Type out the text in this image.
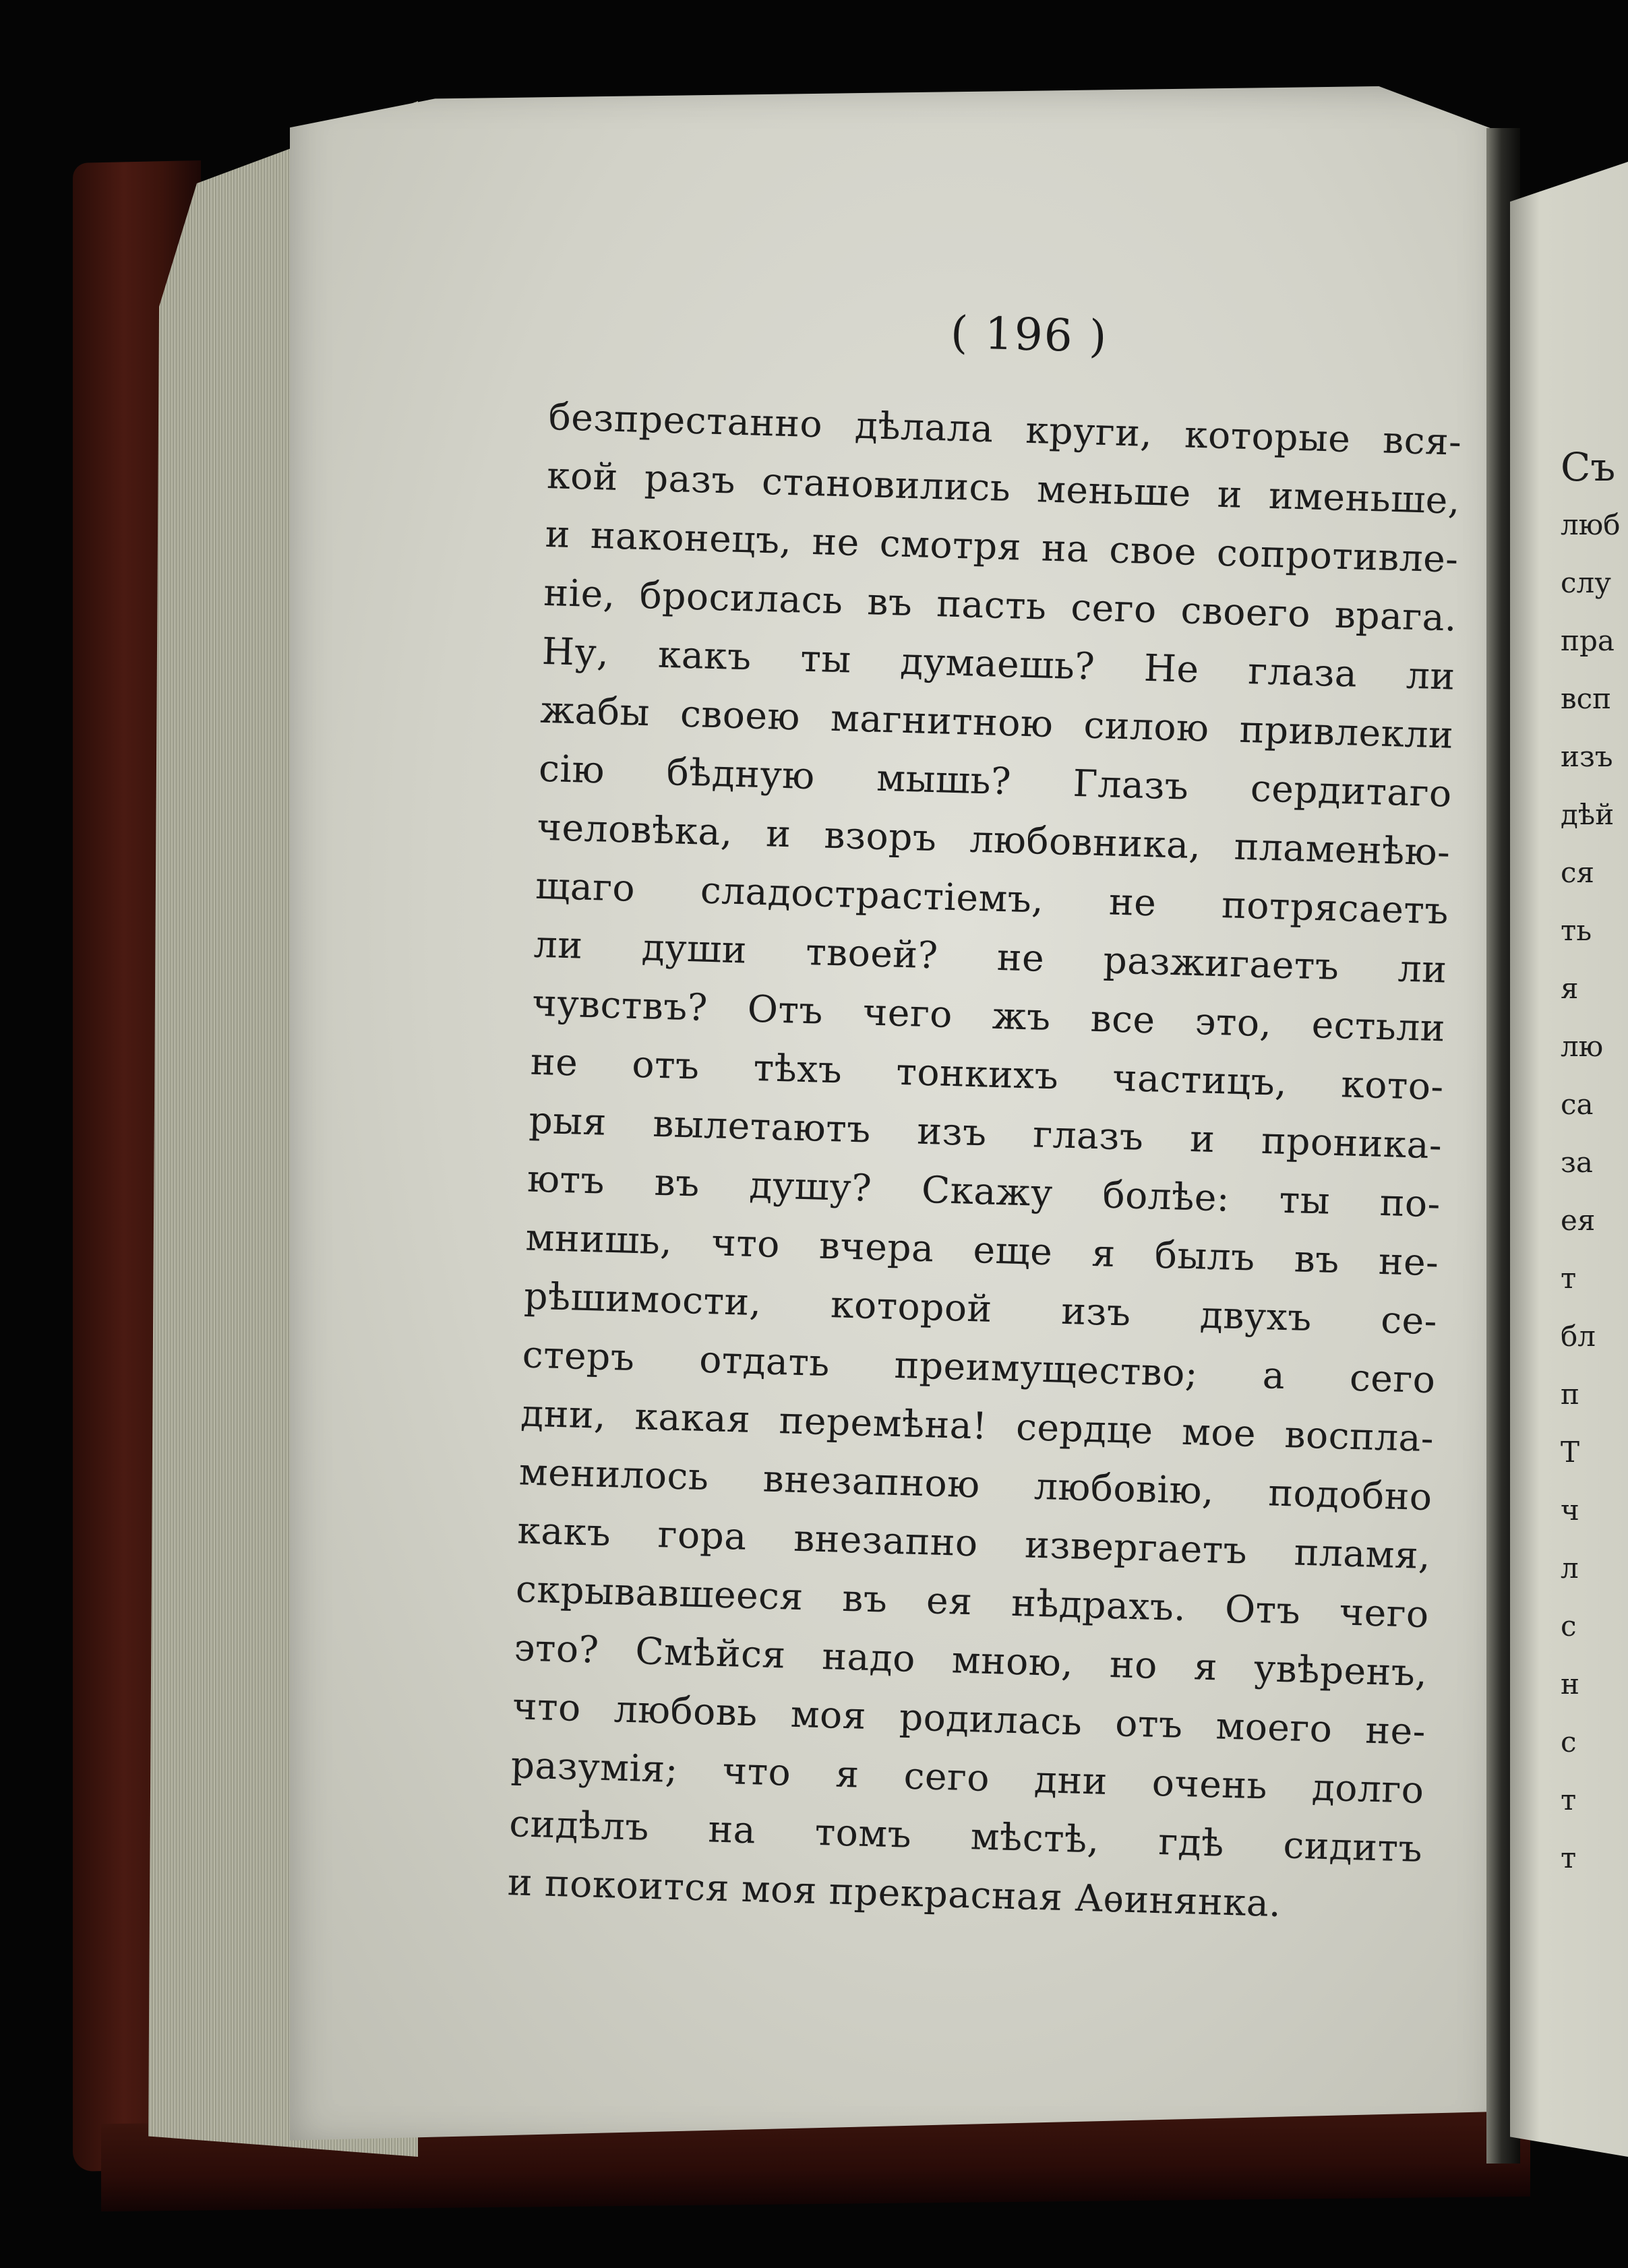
( 196 )
безпрестанно дѣлала круги, которые вся-
кой разъ становились меньше и именьше,
и наконецъ, не смотря на свое сопротивле-
ніе, бросилась въ пасть сего своего врага.
Ну, какъ ты думаешь? Не глаза ли
жабы своею магнитною силою привлекли
сію бѣдную мышь? Глазъ сердитаго
человѣка, и взоръ любовника, пламенѣю-
щаго сладострастіемъ, не потрясаетъ
ли души твоей? не разжигаетъ ли
чувствъ? Отъ чего жъ все это, естьли
не отъ тѣхъ тонкихъ частицъ, кото-
рыя вылетаютъ изъ глазъ и проника-
ютъ въ душу? Скажу болѣе: ты по-
мнишь, что вчера еще я былъ въ не-
рѣшимости, которой изъ двухъ се-
стеръ отдать преимущество; а сего
дни, какая перемѣна! сердце мое воспла-
менилось внезапною любовію, подобно
какъ гора внезапно извергаетъ пламя,
скрывавшееся въ ея нѣдрахъ. Отъ чего
это? Смѣйся надо мною, но я увѣренъ,
что любовь моя родилась отъ моего не-
разумія; что я сего дни очень долго
сидѣлъ на томъ мѣстѣ, гдѣ сидитъ
и покоится моя прекрасная Аѳинянка.
Съ
люб
слу
пра
всп
изъ
дѣй
ся
ть
я
лю
са
за
ея
т
бл
п
Т
ч
л
с
н
с
т
т
